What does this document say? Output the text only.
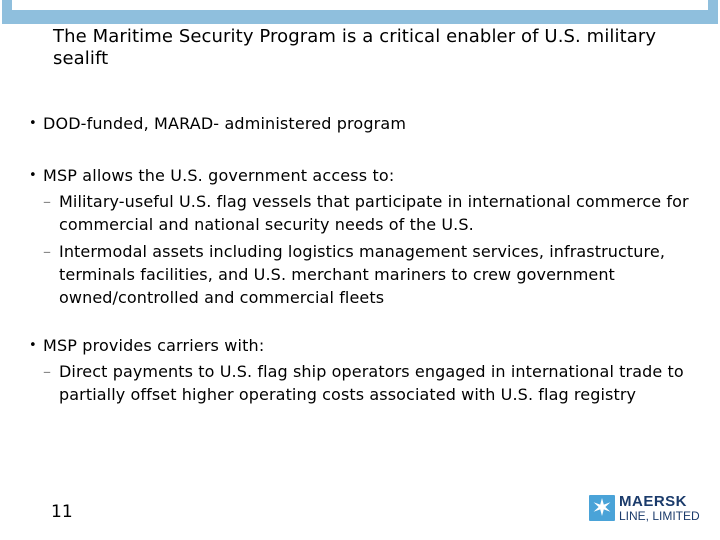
The Maritime Security Program is a critical enabler of U.S. military sealift
• DOD-funded, MARAD- administered program
• MSP allows the U.S. government access to:
– Military-useful U.S. flag vessels that participate in international commerce for commercial and national security needs of the U.S.
– Intermodal assets including logistics management services, infrastructure, terminals facilities, and U.S. merchant mariners to crew government owned/controlled and commercial fleets
• MSP provides carriers with:
– Direct payments to U.S. flag ship operators engaged in international trade to partially offset higher operating costs associated with U.S. flag registry
11
MAERSK
LINE, LIMITED
